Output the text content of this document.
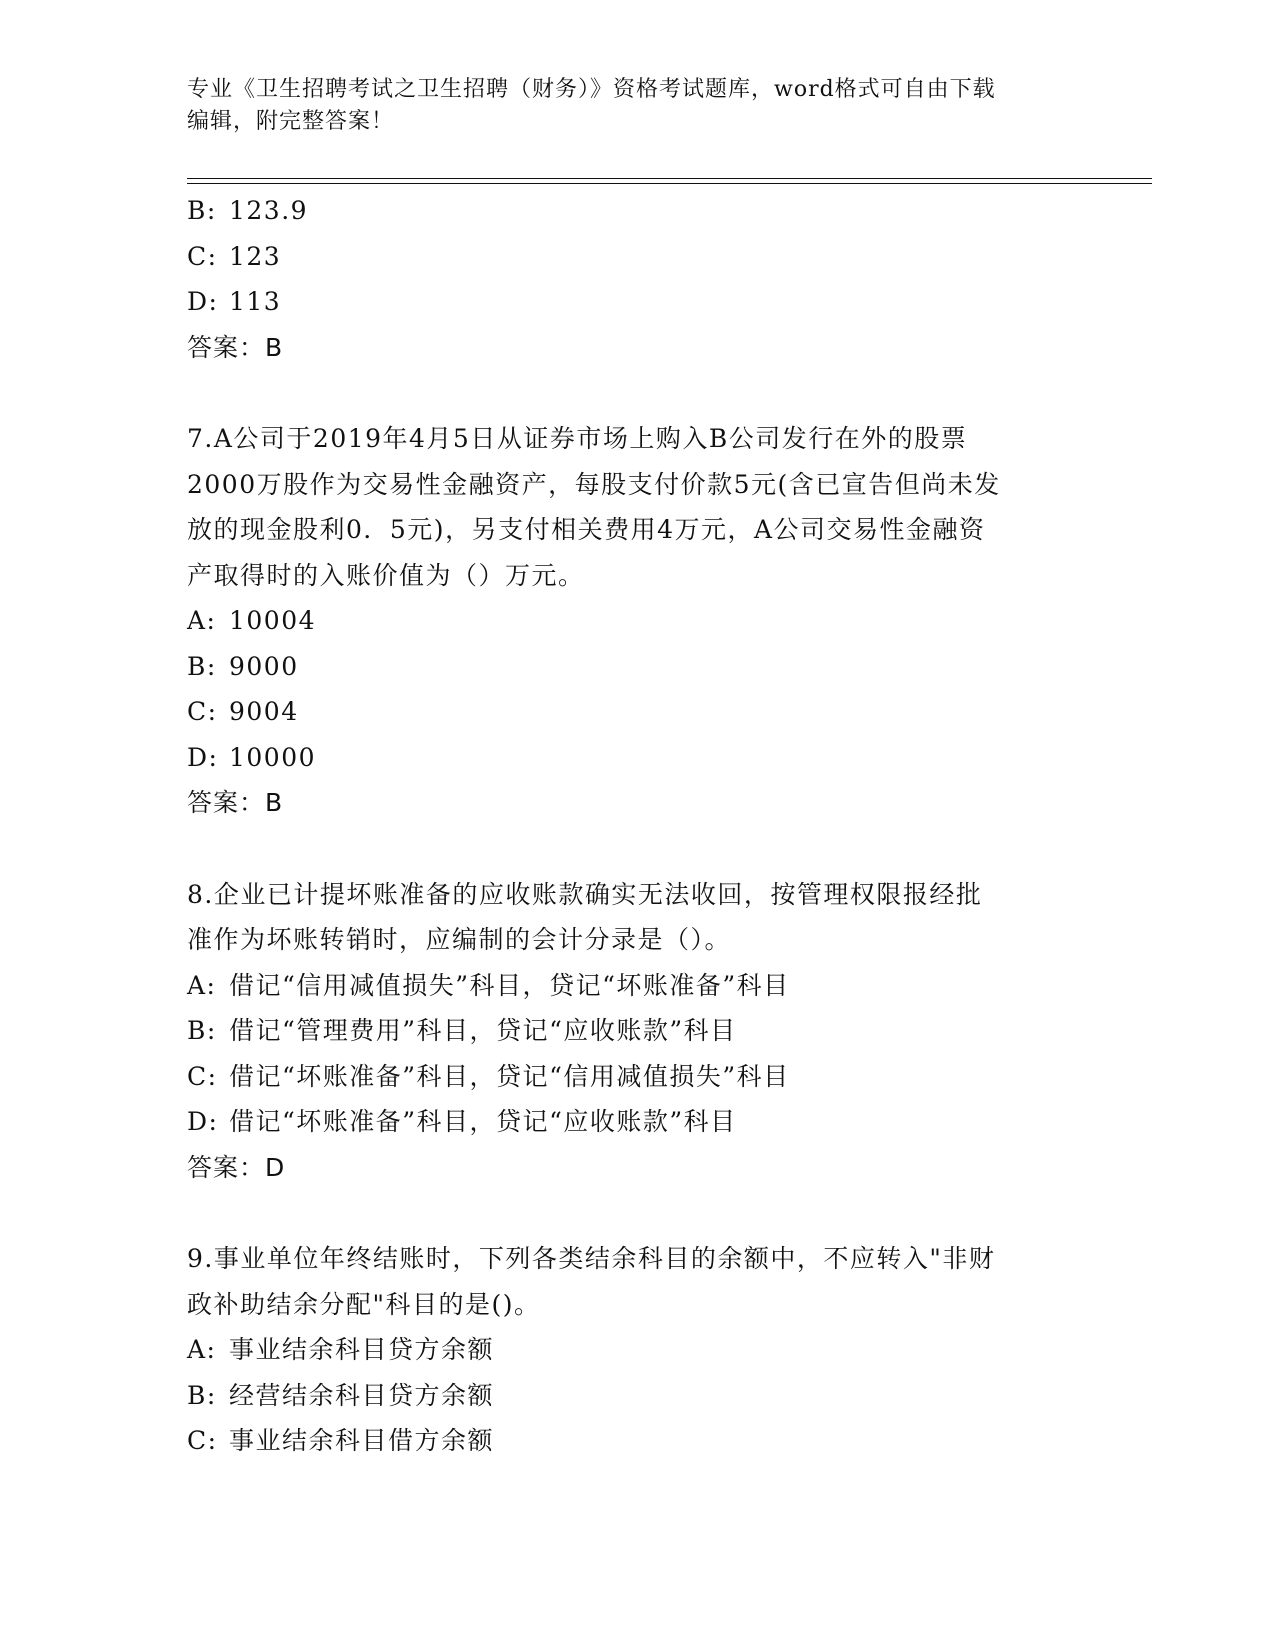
专业《卫生招聘考试之卫生招聘（财务）》资格考试题库，word格式可自由下载
编辑，附完整答案！
B: 123.9
C: 123
D: 113
答案：B
7.A公司于2019年4月5日从证券市场上购入B公司发行在外的股票
2000万股作为交易性金融资产，每股支付价款5元(含已宣告但尚未发
放的现金股利0．5元)，另支付相关费用4万元，A公司交易性金融资
产取得时的入账价值为（）万元。
A: 10004
B: 9000
C: 9004
D: 10000
答案：B
8.企业已计提坏账准备的应收账款确实无法收回，按管理权限报经批
准作为坏账转销时，应编制的会计分录是（）。
A: 借记“信用减值损失”科目，贷记“坏账准备”科目
B: 借记“管理费用”科目，贷记“应收账款”科目
C: 借记“坏账准备”科目，贷记“信用减值损失”科目
D: 借记“坏账准备”科目，贷记“应收账款”科目
答案：D
9.事业单位年终结账时，下列各类结余科目的余额中，不应转入"非财
政补助结余分配"科目的是()。
A: 事业结余科目贷方余额
B: 经营结余科目贷方余额
C: 事业结余科目借方余额
